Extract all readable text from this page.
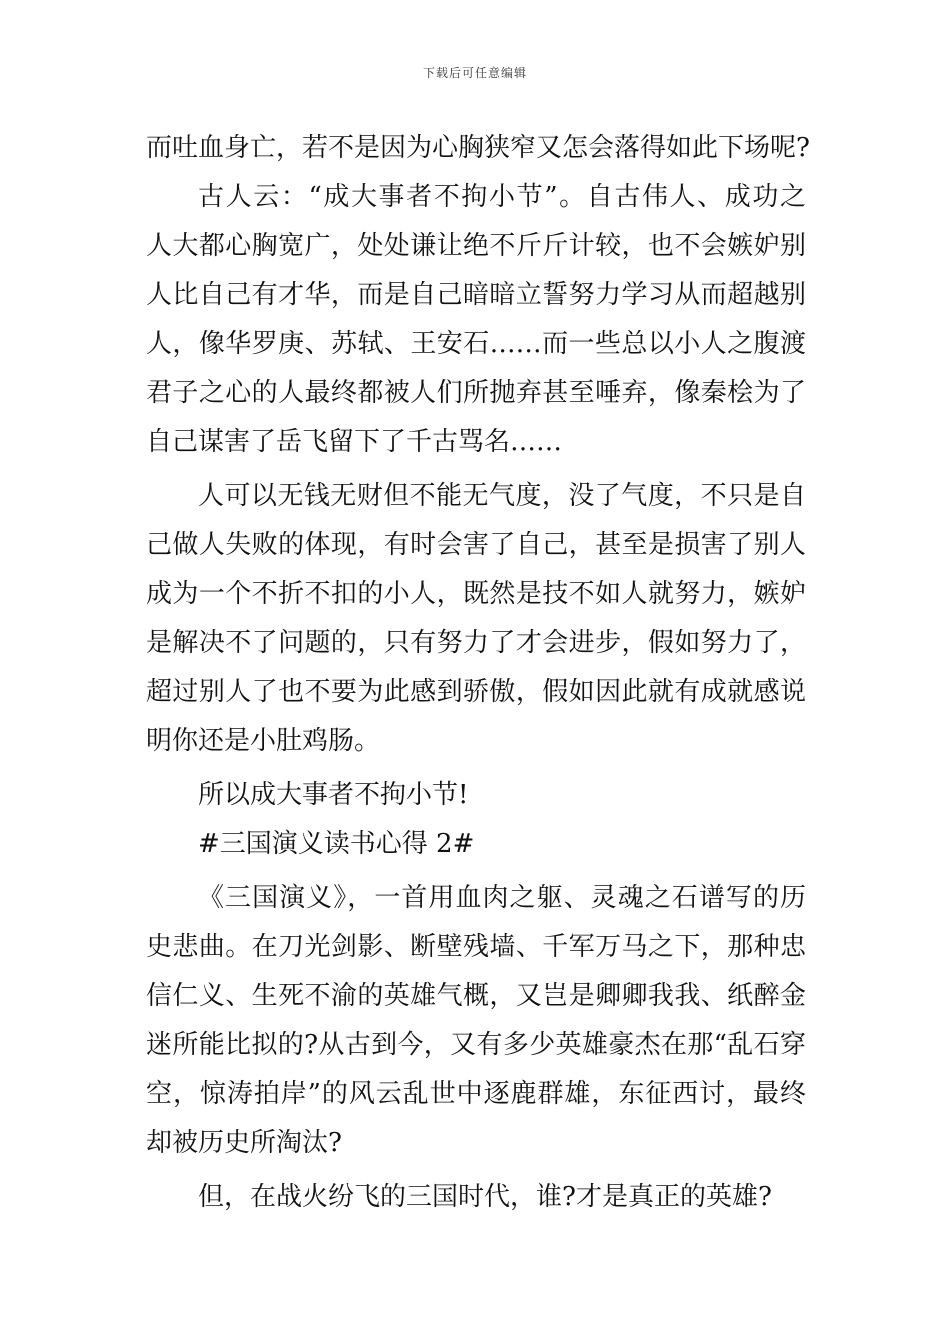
下载后可任意编辑
而吐血身亡，若不是因为心胸狭窄又怎会落得如此下场呢?
古人云：“成大事者不拘小节”。自古伟人、成功之
人大都心胸宽广，处处谦让绝不斤斤计较，也不会嫉妒别
人比自己有才华，而是自己暗暗立誓努力学习从而超越别
人，像华罗庚、苏轼、王安石……而一些总以小人之腹渡
君子之心的人最终都被人们所抛弃甚至唾弃，像秦桧为了
自己谋害了岳飞留下了千古骂名……
人可以无钱无财但不能无气度，没了气度，不只是自
己做人失败的体现，有时会害了自己，甚至是损害了别人
成为一个不折不扣的小人，既然是技不如人就努力，嫉妒
是解决不了问题的，只有努力了才会进步，假如努力了，
超过别人了也不要为此感到骄傲，假如因此就有成就感说
明你还是小肚鸡肠。
所以成大事者不拘小节!
#三国演义读书心得 2#
《三国演义》，一首用血肉之躯、灵魂之石谱写的历
史悲曲。在刀光剑影、断壁残墙、千军万马之下，那种忠
信仁义、生死不渝的英雄气概，又岂是卿卿我我、纸醉金
迷所能比拟的?从古到今，又有多少英雄豪杰在那“乱石穿
空，惊涛拍岸”的风云乱世中逐鹿群雄，东征西讨，最终
却被历史所淘汰?
但，在战火纷飞的三国时代，谁?才是真正的英雄?
